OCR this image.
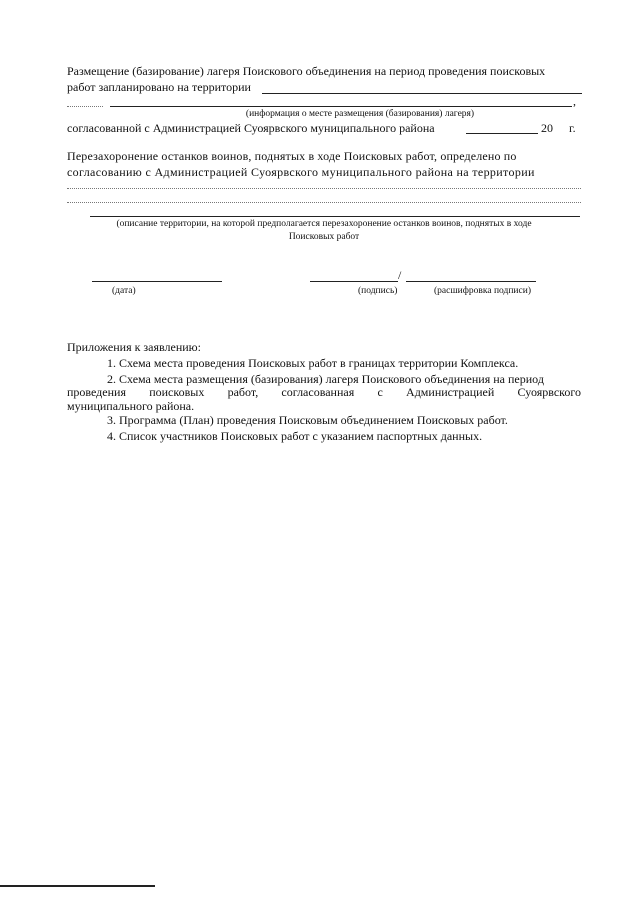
Размещение (базирование) лагеря Поискового объединения на период проведения поисковых
работ запланировано на территории
,
(информация о месте размещения (базирования) лагеря)
согласованной с Администрацией Суоярвского муниципального района	20 г.
Перезахоронение останков воинов, поднятых в ходе Поисковых работ, определено по
согласованию с Администрацией Суоярвского муниципального района на территории
(описание территории, на которой предполагается перезахоронение останков воинов, поднятых в ходе
Поисковых работ
(дата)
/
(подпись)	(расшифровка подписи)
Приложения к заявлению:
1. Схема места проведения Поисковых работ в границах территории Комплекса.
2. Схема места размещения (базирования) лагеря Поискового объединения на период
проведения поисковых работ, согласованная с Администрацией Суоярвского
муниципального района.
3. Программа (План) проведения Поисковым объединением Поисковых работ.
4. Список участников Поисковых работ с указанием паспортных данных.
